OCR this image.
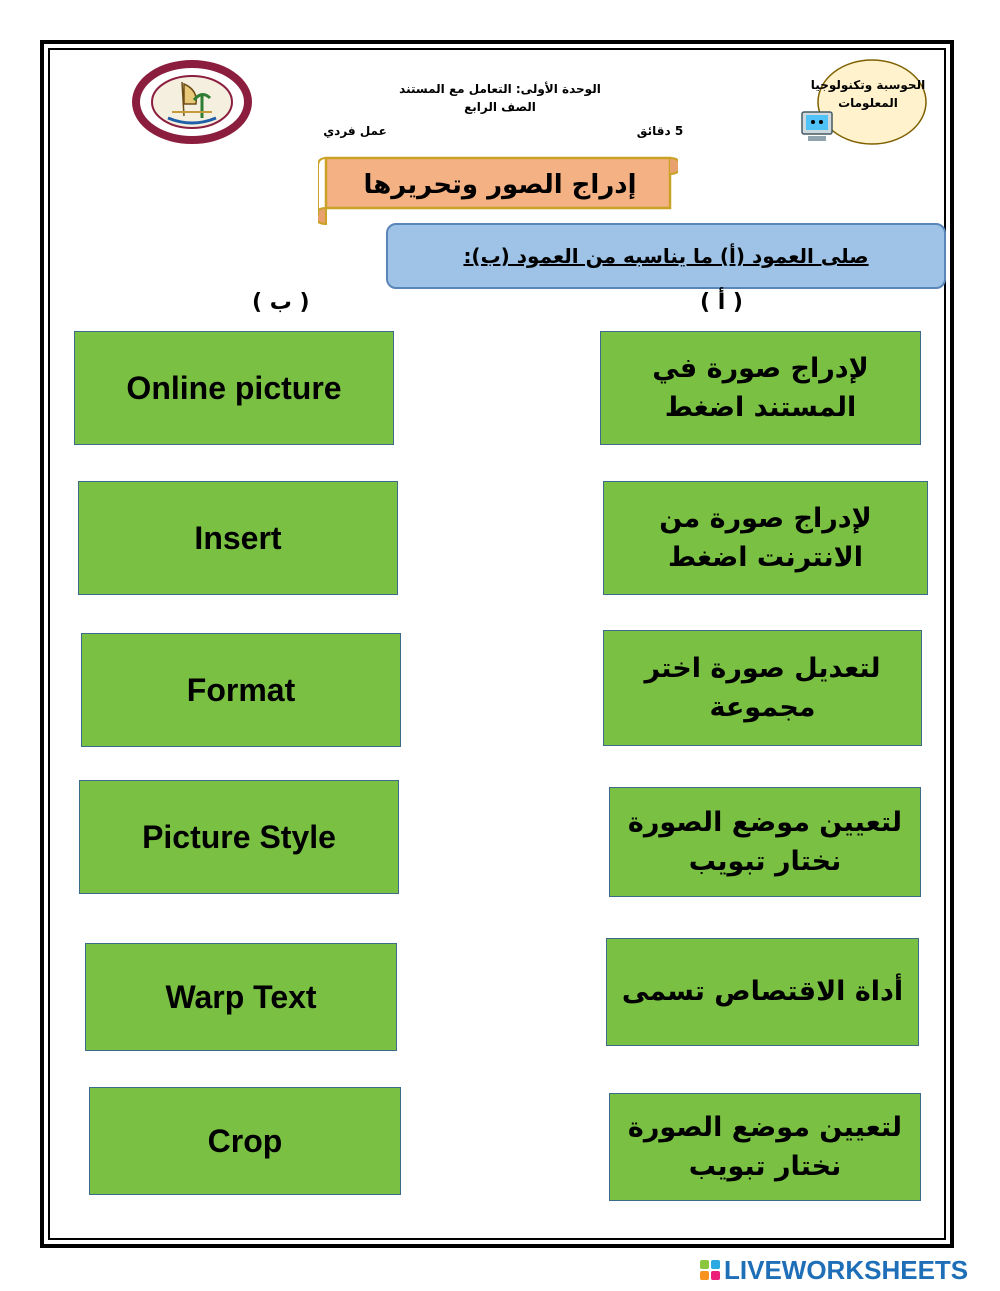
الحوسبة وتكنولوجيا المعلومات
الوحدة الأولى: التعامل مع المستند
الصف الرابع
5 دقائق
عمل فردي
إدراج الصور وتحريرها
صلى العمود (أ) ما يناسبه من العمود (ب):
( أ )
( ب )
Online picture
Insert
Format
Picture Style
Warp Text
Crop
لإدراج صورة في المستند اضغط
لإدراج صورة من الانترنت اضغط
لتعديل صورة اختر مجموعة
لتعيين موضع الصورة نختار تبويب
أداة الاقتصاص تسمى
لتعيين موضع الصورة نختار تبويب
LIVEWORKSHEETS
